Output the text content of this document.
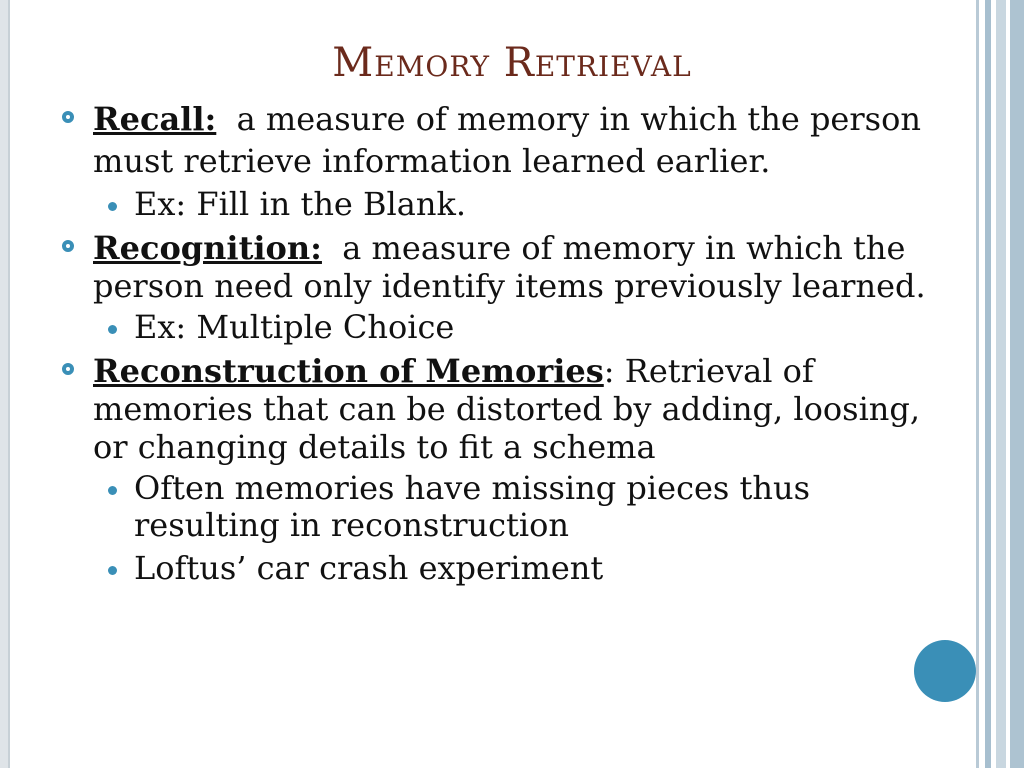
Memory Retrieval
Recall: a measure of memory in which the person must retrieve information learned earlier.
Ex: Fill in the Blank.
Recognition: a measure of memory in which the person need only identify items previously learned.
Ex: Multiple Choice
Reconstruction of Memories: Retrieval of memories that can be distorted by adding, loosing, or changing details to fit a schema
Often memories have missing pieces thus resulting in reconstruction
Loftus’ car crash experiment
